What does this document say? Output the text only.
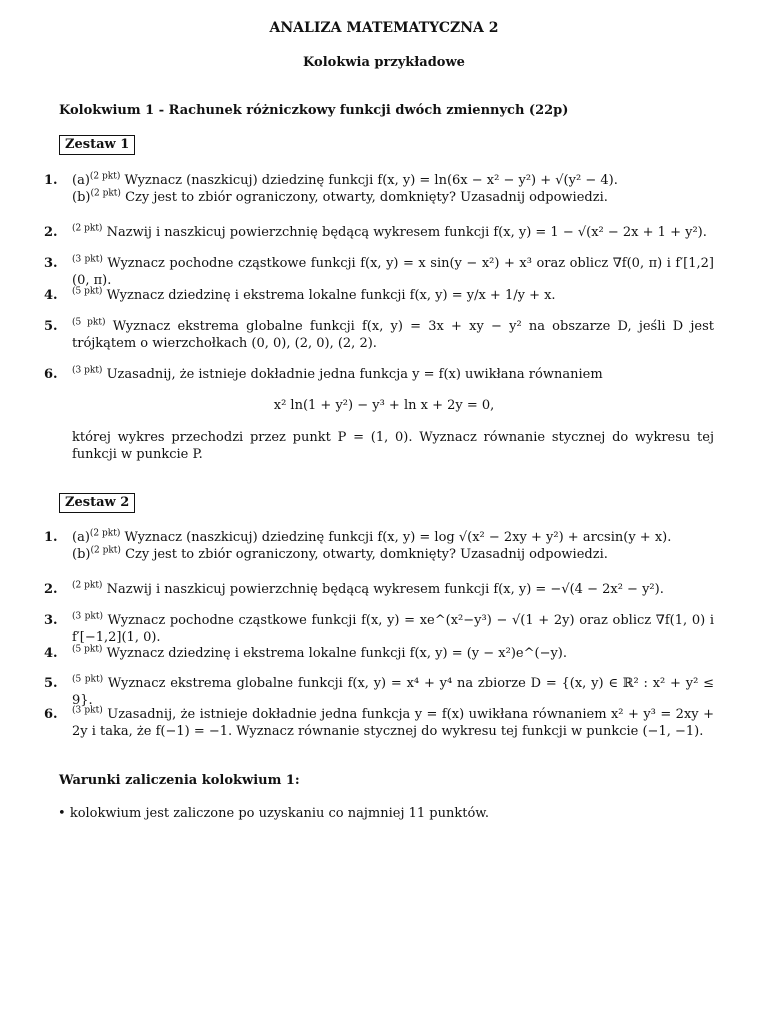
ANALIZA MATEMATYCZNA 2
Kolokwia przykładowe
Kolokwium 1 - Rachunek różniczkowy funkcji dwóch zmiennych (22p)
Zestaw 1
1. $(a)^{(2 pkt)}$ Wyznacz (naszkicuj) dziedzinę funkcji f(x, y) = ln(6x − x² − y²) + √(y² − 4).
$(b)^{(2 pkt)}$ Czy jest to zbiór ograniczony, otwarty, domknięty? Uzasadnij odpowiedzi.
2. $^{(2 pkt)}$ Nazwij i naszkicuj powierzchnię będącą wykresem funkcji f(x, y) = 1 − √(x² − 2x + 1 + y²).
3. $^{(3 pkt)}$ Wyznacz pochodne cząstkowe funkcji f(x, y) = x sin(y − x²) + x³ oraz oblicz ∇f(0, π) i f′[1,2](0, π).
4. $^{(5 pkt)}$ Wyznacz dziedzinę i ekstrema lokalne funkcji f(x, y) = y/x + 1/y + x.
5. $^{(5 pkt)}$ Wyznacz ekstrema globalne funkcji f(x, y) = 3x + xy − y² na obszarze D, jeśli D jest trójkątem o wierzchołkach (0, 0), (2, 0), (2, 2).
6. $^{(3 pkt)}$ Uzasadnij, że istnieje dokładnie jedna funkcja y = f(x) uwikłana równaniem
x² ln(1 + y²) − y³ + ln x + 2y = 0,
której wykres przechodzi przez punkt P = (1, 0). Wyznacz równanie stycznej do wykresu tej funkcji w punkcie P.
Zestaw 2
1. $(a)^{(2 pkt)}$ Wyznacz (naszkicuj) dziedzinę funkcji f(x, y) = log √(x² − 2xy + y²) + arcsin(y + x).
$(b)^{(2 pkt)}$ Czy jest to zbiór ograniczony, otwarty, domknięty? Uzasadnij odpowiedzi.
2. $^{(2 pkt)}$ Nazwij i naszkicuj powierzchnię będącą wykresem funkcji f(x, y) = −√(4 − 2x² − y²).
3. $^{(3 pkt)}$ Wyznacz pochodne cząstkowe funkcji f(x, y) = xe^(x²−y³) − √(1 + 2y) oraz oblicz ∇f(1, 0) i f′[−1,2](1, 0).
4. $^{(5 pkt)}$ Wyznacz dziedzinę i ekstrema lokalne funkcji f(x, y) = (y − x²)e^(−y).
5. $^{(5 pkt)}$ Wyznacz ekstrema globalne funkcji f(x, y) = x⁴ + y⁴ na zbiorze D = {(x, y) ∈ ℝ² : x² + y² ≤ 9}.
6. $^{(3 pkt)}$ Uzasadnij, że istnieje dokładnie jedna funkcja y = f(x) uwikłana równaniem x² + y³ = 2xy + 2y i taka, że f(−1) = −1. Wyznacz równanie stycznej do wykresu tej funkcji w punkcie (−1, −1).
Warunki zaliczenia kolokwium 1:
• kolokwium jest zaliczone po uzyskaniu co najmniej 11 punktów.
